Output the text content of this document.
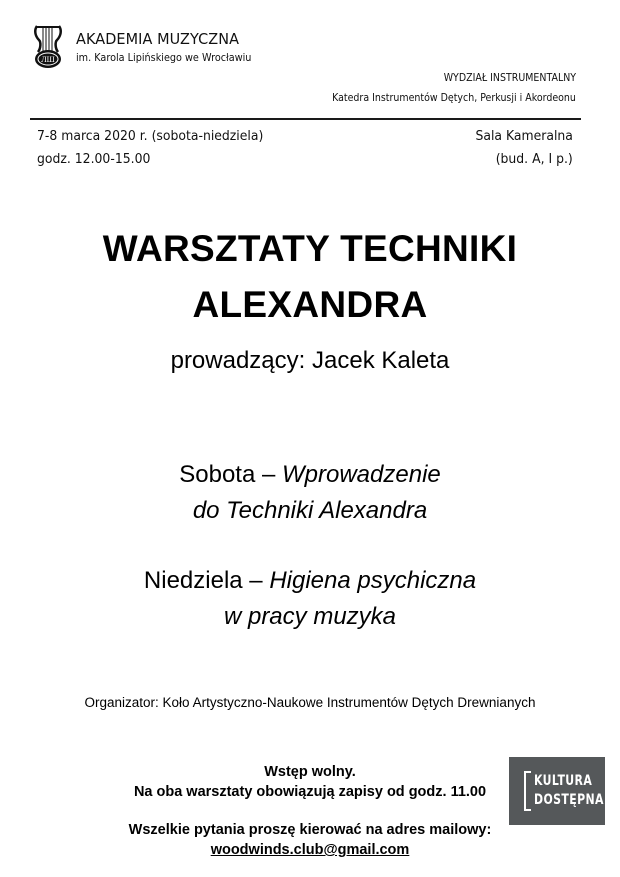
ЛШ
AKADEMIA MUZYCZNA
im. Karola Lipińskiego we Wrocławiu
WYDZIAŁ INSTRUMENTALNY
Katedra Instrumentów Dętych, Perkusji i Akordeonu
7-8 marca 2020 r. (sobota-niedziela)
godz. 12.00-15.00
Sala Kameralna
(bud. A, I p.)
WARSZTATY TECHNIKI
ALEXANDRA
prowadzący: Jacek Kaleta
Sobota – Wprowadzenie
do Techniki Alexandra
Niedziela – Higiena psychiczna
w pracy muzyka
Organizator: Koło Artystyczno-Naukowe Instrumentów Dętych Drewnianych
Wstęp wolny.
Na oba warsztaty obowiązują zapisy od godz. 11.00
Wszelkie pytania proszę kierować na adres mailowy:
woodwinds.club@gmail.com
KULTURA
DOSTĘPNA
